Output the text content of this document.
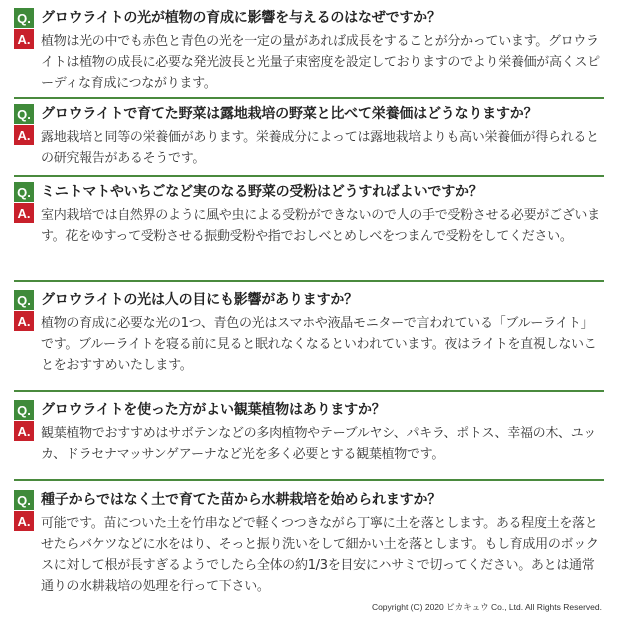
Q. グロウライトの光が植物の育成に影響を与えるのはなぜですか？
A. 植物は光の中でも赤色と青色の光を一定の量があれば成長をすることが分かっています。グロウライトは植物の成長に必要な発光波長と光量子束密度を設定しておりますのでより栄養価が高くスピーディな育成につながります。
Q. グロウライトで育てた野菜は露地栽培の野菜と比べて栄養価はどうなりますか？
A. 露地栽培と同等の栄養価があります。栄養成分によっては露地栽培よりも高い栄養価が得られるとの研究報告があるそうです。
Q. ミニトマトやいちごなど実のなる野菜の受粉はどうすればよいですか？
A. 室内栽培では自然界のように風や虫による受粉ができないので人の手で受粉させる必要がございます。花をゆすって受粉させる振動受粉や指でおしべとめしべをつまんで受粉をしてください。
Q. グロウライトの光は人の目にも影響がありますか？
A. 植物の育成に必要な光の1つ、青色の光はスマホや液晶モニターで言われている「ブルーライト」です。ブルーライトを寝る前に見ると眠れなくなるといわれています。夜はライトを直視しないことをおすすめいたします。
Q. グロウライトを使った方がよい観葉植物はありますか？
A. 観葉植物でおすすめはサボテンなどの多肉植物やテーブルヤシ、パキラ、ポトス、幸福の木、ユッカ、ドラセナマッサンゲアーナなど光を多く必要とする観葉植物です。
Q. 種子からではなく土で育てた苗から水耕栽培を始められますか？
A. 可能です。苗についた土を竹串などで軽くつつきながら丁寧に土を落とします。ある程度土を落とせたらバケツなどに水をはり、そっと振り洗いをして細かい土を落とします。もし育成用のボックスに対して根が長すぎるようでしたら全体の約1/3を目安にハサミで切ってください。あとは通常通りの水耕栽培の処理を行って下さい。
Copyright (C) 2020 ピカキュウ Co., Ltd. All Rights Reserved.
